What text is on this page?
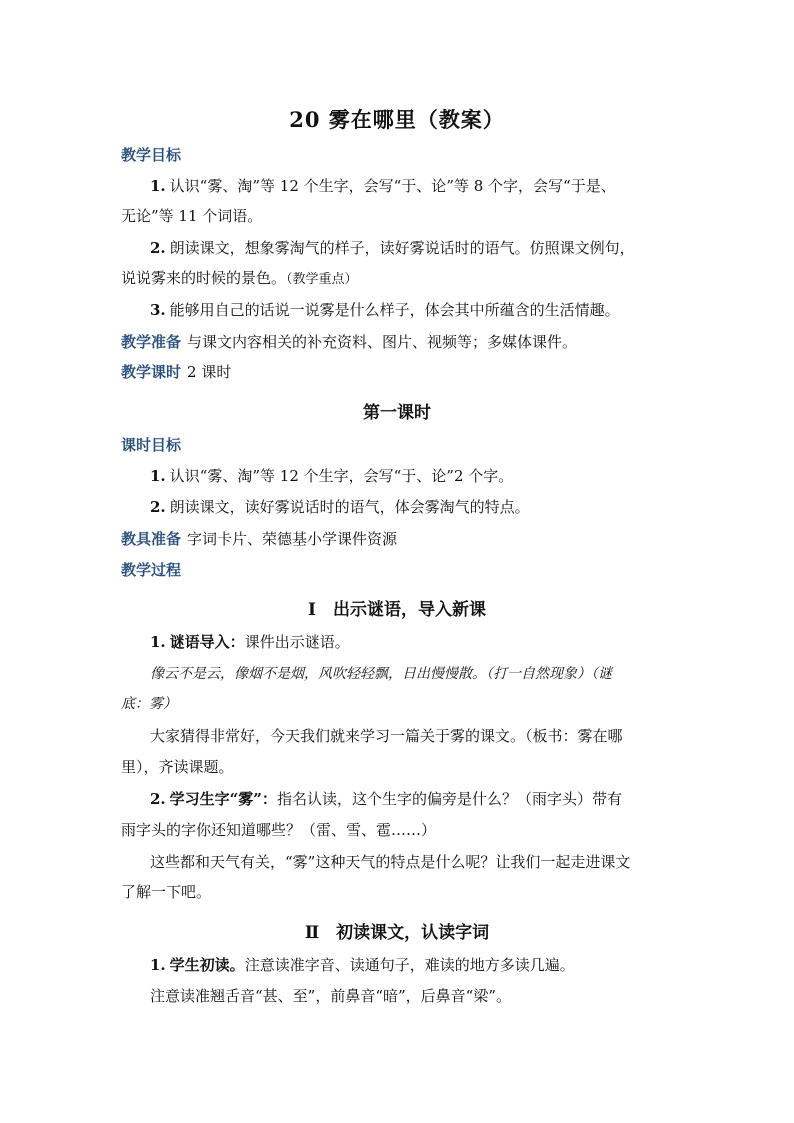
20 雾在哪里（教案）
教学目标
1. 认识“雾、淘”等 12 个生字，会写“于、论”等 8 个字，会写“于是、
无论”等 11 个词语。
2. 朗读课文，想象雾淘气的样子，读好雾说话时的语气。仿照课文例句，
说说雾来的时候的景色。（教学重点）
3. 能够用自己的话说一说雾是什么样子，体会其中所蕴含的生活情趣。
教学准备 与课文内容相关的补充资料、图片、视频等；多媒体课件。
教学课时 2 课时
第一课时
课时目标
1. 认识“雾、淘”等 12 个生字，会写“于、论”2 个字。
2. 朗读课文，读好雾说话时的语气，体会雾淘气的特点。
教具准备 字词卡片、荣德基小学课件资源
教学过程
Ⅰ　出示谜语，导入新课
1. 谜语导入：课件出示谜语。
像云不是云，像烟不是烟，风吹轻轻飘，日出慢慢散。（打一自然现象）（谜
底：雾）
大家猜得非常好，今天我们就来学习一篇关于雾的课文。（板书：雾在哪
里），齐读课题。
2. 学习生字“雾”：指名认读，这个生字的偏旁是什么？（雨字头）带有
雨字头的字你还知道哪些？（雷、雪、雹……）
这些都和天气有关，“雾”这种天气的特点是什么呢？让我们一起走进课文
了解一下吧。
Ⅱ　初读课文，认读字词
1. 学生初读。注意读准字音、读通句子，难读的地方多读几遍。
注意读准翘舌音“甚、至”，前鼻音“暗”，后鼻音“梁”。
